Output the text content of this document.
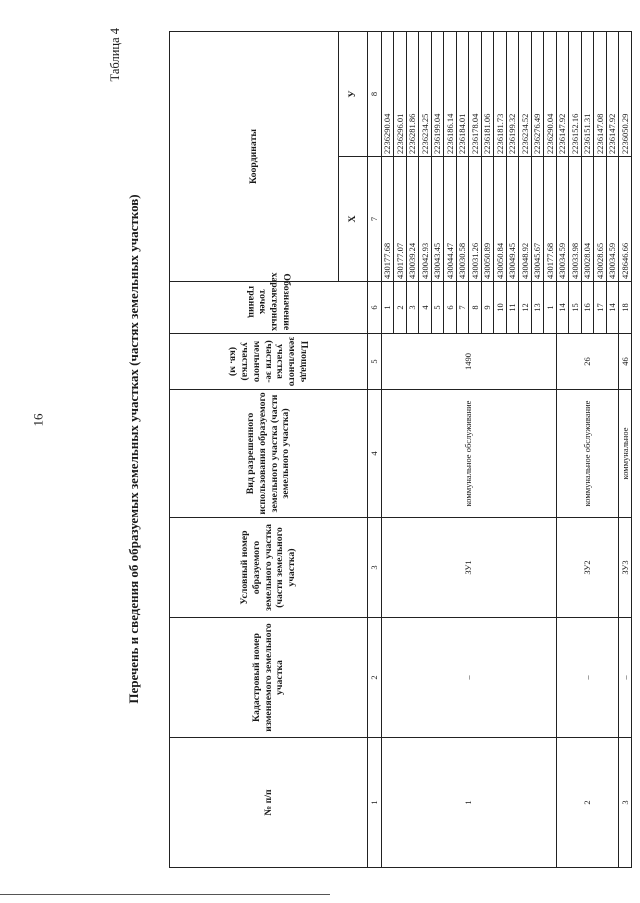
16
Таблица 4
Перечень и сведения об образуемых земельных участках (частях земельных участков)
№ п/п	Кадастровый номер изменяемого земельного участка	Условный номер образуемого земельного участка (части земельного участка)	Вид разрешенного использования образуемого земельного участка (части земельного участка)	Площадь земельного участка (части зе-мельного участка) (кв. м)	Обозначение характерных точек границ	Координаты	
						X	У
1	2	3	4	5	6	7	8
1	–	ЗУ1	коммунальное обслуживание	1490	1	430177.68	2236290.04
					2	430177.07	2236296.01
					3	430039.24	2236281.86
					4	430042.93	2236234.25
					5	430043.45	2236199.04
					6	430044.47	2236186.14
					7	430030.58	2236184.01
					8	430031.26	2236178.04
					9	430050.89	2236181.06
					10	430050.84	2236181.73
					11	430049.45	2236199.32
					12	430048.92	2236234.52
					13	430045.67	2236276.49
					1	430177.68	2236290.04
2	–	ЗУ2	коммунальное обслуживание	26	14	430034.59	2236147.92
					15	430033.98	2236152.16
					16	430028.04	2236151.31
					17	430028.65	2236147.08
					14	430034.59	2236147.92
3	–	ЗУ3	коммунальное	46	18	428646.66	2236050.29
